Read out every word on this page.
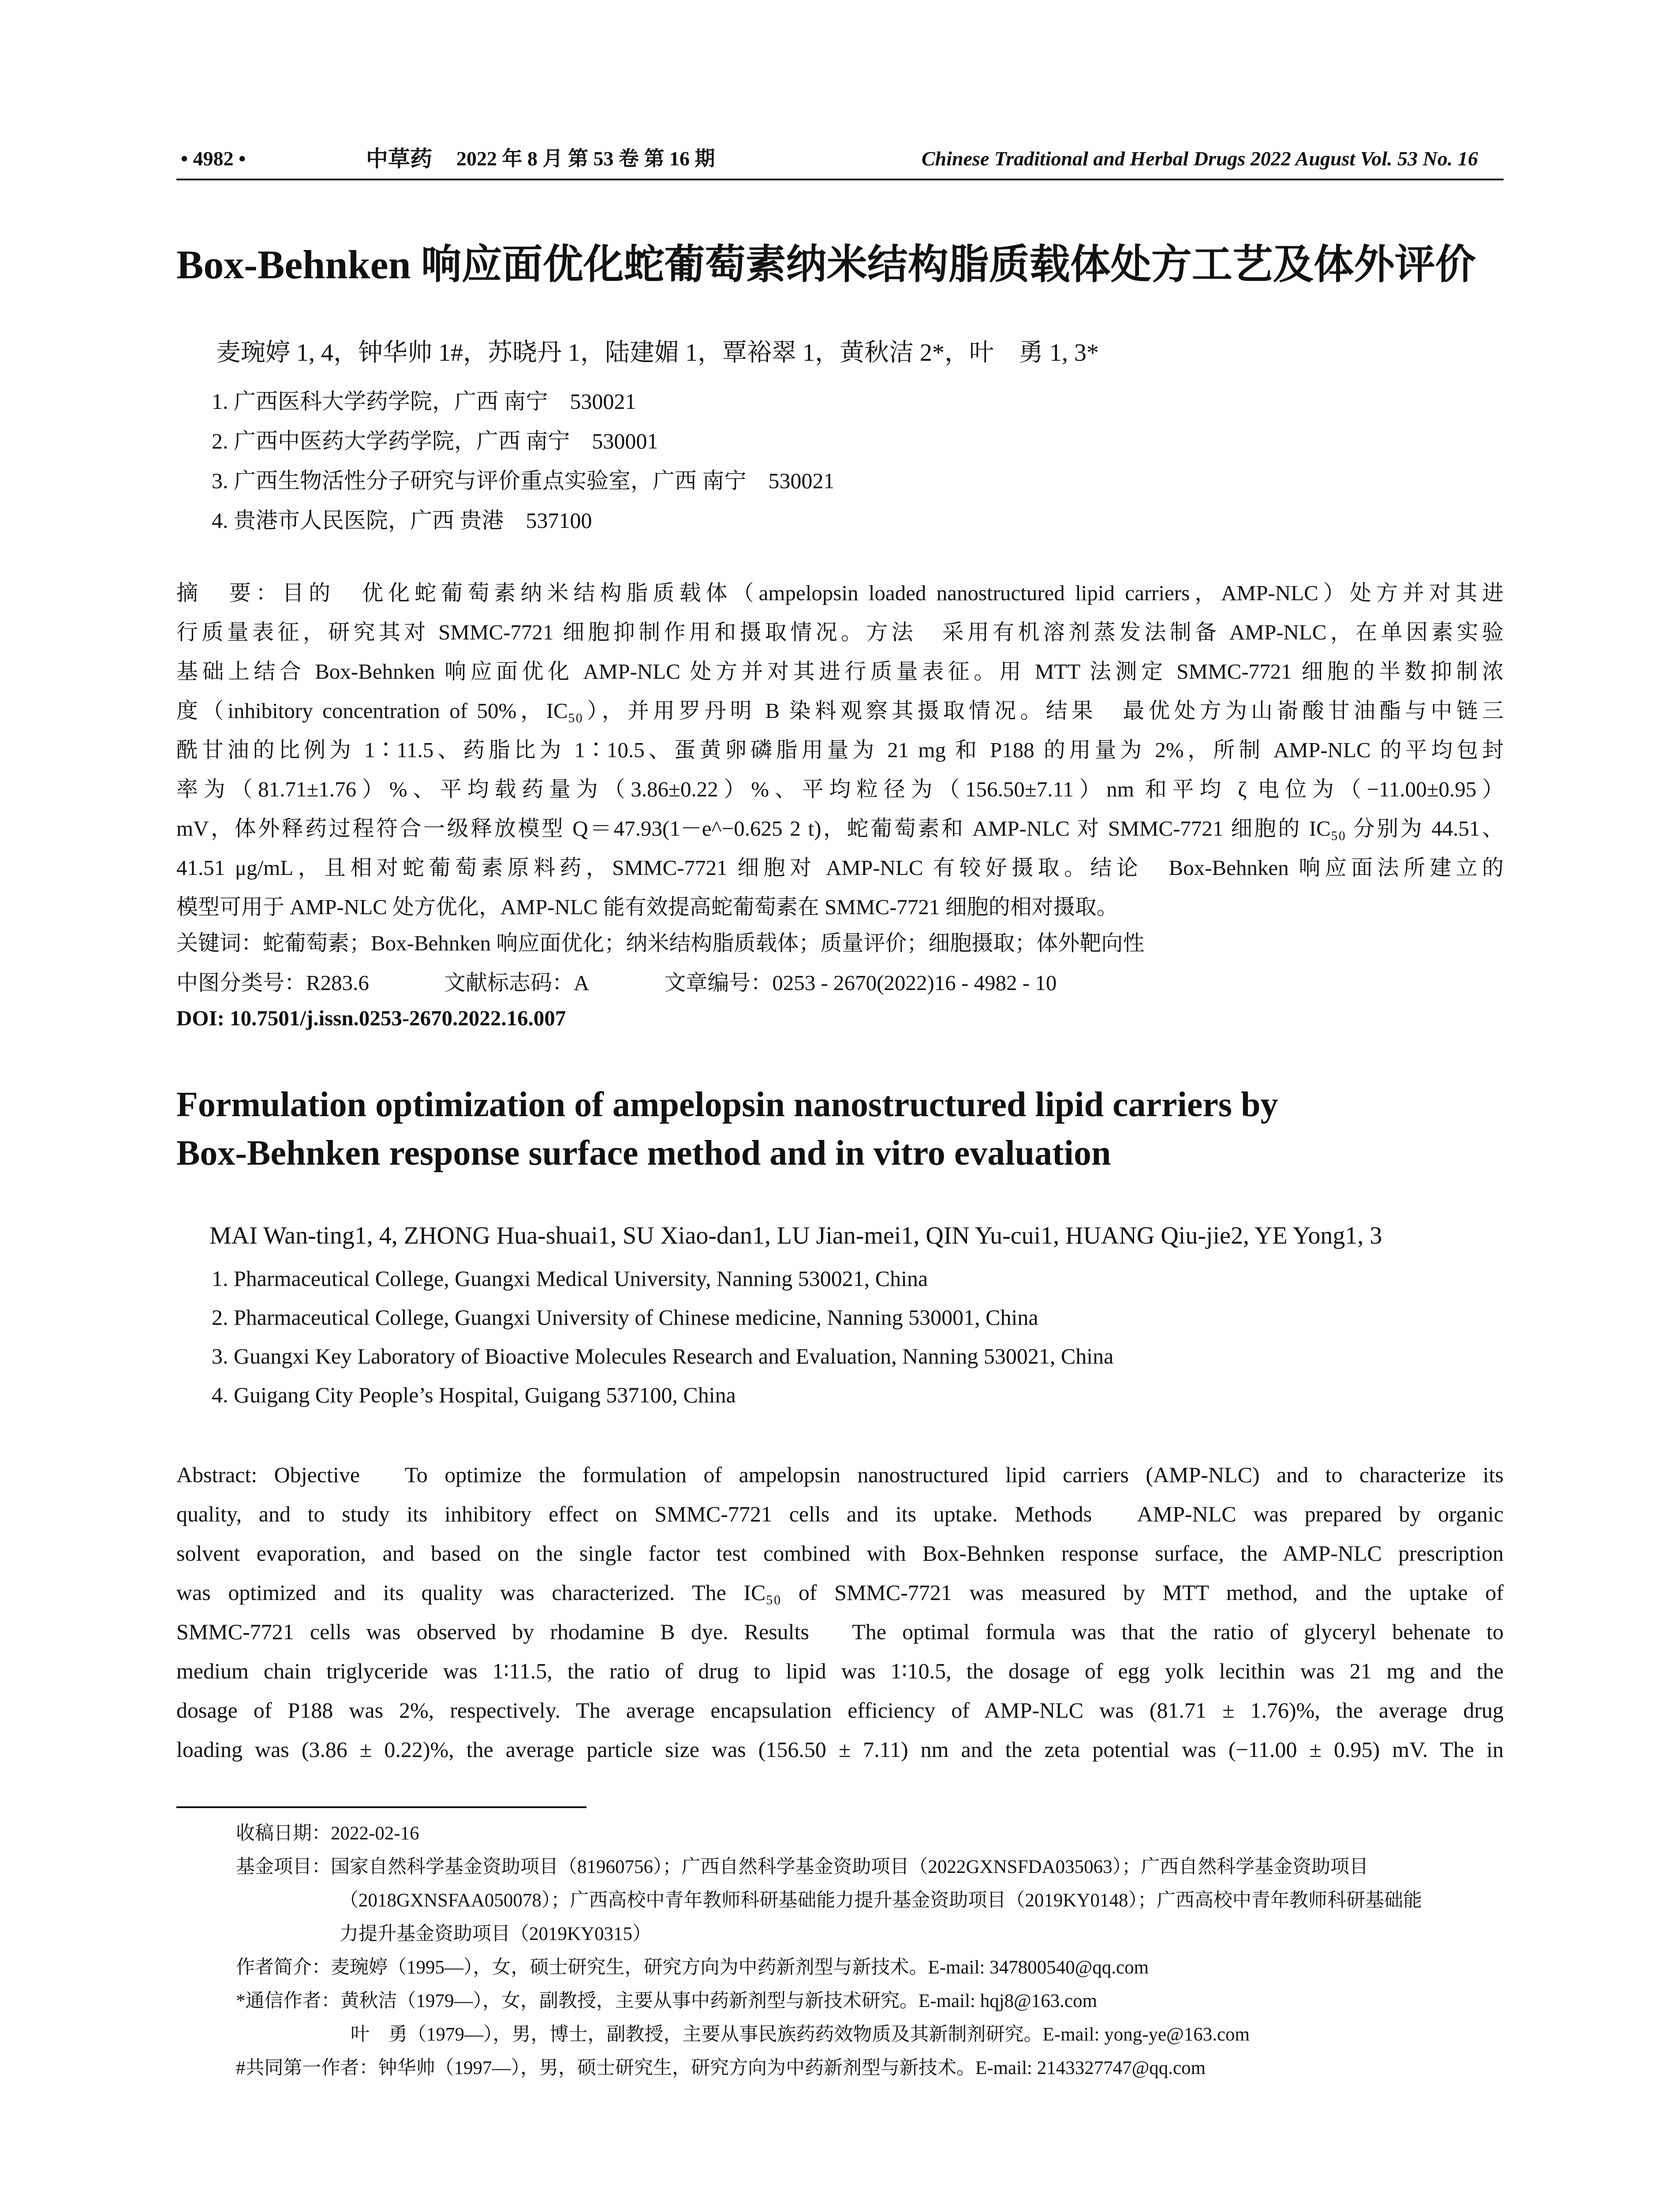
• 4982 •	中草药 2022 年 8 月 第 53 卷 第 16 期	Chinese Traditional and Herbal Drugs 2022 August Vol. 53 No. 16
Box-Behnken 响应面优化蛇葡萄素纳米结构脂质载体处方工艺及体外评价
麦琬婷 1, 4，钟华帅 1#，苏晓丹 1，陆建媚 1，覃裕翠 1，黄秋洁 2*，叶　勇 1, 3*
1. 广西医科大学药学院，广西 南宁　530021
2. 广西中医药大学药学院，广西 南宁　530001
3. 广西生物活性分子研究与评价重点实验室，广西 南宁　530021
4. 贵港市人民医院，广西 贵港　537100
摘　要：目的　优化蛇葡萄素纳米结构脂质载体（ampelopsin loaded nanostructured lipid carriers，AMP-NLC）处方并对其进
行质量表征，研究其对 SMMC-7721 细胞抑制作用和摄取情况。方法　采用有机溶剂蒸发法制备 AMP-NLC，在单因素实验
基础上结合 Box-Behnken 响应面优化 AMP-NLC 处方并对其进行质量表征。用 MTT 法测定 SMMC-7721 细胞的半数抑制浓
度（inhibitory concentration of 50%，IC₅₀），并用罗丹明 B 染料观察其摄取情况。结果　最优处方为山嵛酸甘油酯与中链三
酰甘油的比例为 1∶11.5、药脂比为 1∶10.5、蛋黄卵磷脂用量为 21 mg 和 P188 的用量为 2%，所制 AMP-NLC 的平均包封
率为（81.71±1.76）%、平均载药量为（3.86±0.22）%、平均粒径为（156.50±7.11）nm 和平均 ζ 电位为（−11.00±0.95）
mV，体外释药过程符合一级释放模型 Q＝47.93(1－e^−0.625 2 t)，蛇葡萄素和 AMP-NLC 对 SMMC-7721 细胞的 IC₅₀ 分别为 44.51、
41.51 μg/mL，且相对蛇葡萄素原料药，SMMC-7721 细胞对 AMP-NLC 有较好摄取。结论　Box-Behnken 响应面法所建立的
模型可用于 AMP-NLC 处方优化，AMP-NLC 能有效提高蛇葡萄素在 SMMC-7721 细胞的相对摄取。
关键词：蛇葡萄素；Box-Behnken 响应面优化；纳米结构脂质载体；质量评价；细胞摄取；体外靶向性
中图分类号：R283.6	文献标志码：A	文章编号：0253 - 2670(2022)16 - 4982 - 10
DOI: 10.7501/j.issn.0253-2670.2022.16.007
Formulation optimization of ampelopsin nanostructured lipid carriers by
Box-Behnken response surface method and in vitro evaluation
MAI Wan-ting1, 4, ZHONG Hua-shuai1, SU Xiao-dan1, LU Jian-mei1, QIN Yu-cui1, HUANG Qiu-jie2, YE Yong1, 3
1. Pharmaceutical College, Guangxi Medical University, Nanning 530021, China
2. Pharmaceutical College, Guangxi University of Chinese medicine, Nanning 530001, China
3. Guangxi Key Laboratory of Bioactive Molecules Research and Evaluation, Nanning 530021, China
4. Guigang City People’s Hospital, Guigang 537100, China
Abstract: Objective　To optimize the formulation of ampelopsin nanostructured lipid carriers (AMP-NLC) and to characterize its
quality, and to study its inhibitory effect on SMMC-7721 cells and its uptake. Methods　AMP-NLC was prepared by organic
solvent evaporation, and based on the single factor test combined with Box-Behnken response surface, the AMP-NLC prescription
was optimized and its quality was characterized. The IC₅₀ of SMMC-7721 was measured by MTT method, and the uptake of
SMMC-7721 cells was observed by rhodamine B dye. Results　The optimal formula was that the ratio of glyceryl behenate to
medium chain triglyceride was 1∶11.5, the ratio of drug to lipid was 1∶10.5, the dosage of egg yolk lecithin was 21 mg and the
dosage of P188 was 2%, respectively. The average encapsulation efficiency of AMP-NLC was (81.71 ± 1.76)%, the average drug
loading was (3.86 ± 0.22)%, the average particle size was (156.50 ± 7.11) nm and the zeta potential was (−11.00 ± 0.95) mV. The in
收稿日期：2022-02-16
基金项目：国家自然科学基金资助项目（81960756）；广西自然科学基金资助项目（2022GXNSFDA035063）；广西自然科学基金资助项目
（2018GXNSFAA050078）；广西高校中青年教师科研基础能力提升基金资助项目（2019KY0148）；广西高校中青年教师科研基础能
力提升基金资助项目（2019KY0315）
作者简介：麦琬婷（1995—），女，硕士研究生，研究方向为中药新剂型与新技术。E-mail: 347800540@qq.com
*通信作者：黄秋洁（1979—），女，副教授，主要从事中药新剂型与新技术研究。E-mail: hqj8@163.com
叶　勇（1979—），男，博士，副教授，主要从事民族药药效物质及其新制剂研究。E-mail: yong-ye@163.com
#共同第一作者：钟华帅（1997—），男，硕士研究生，研究方向为中药新剂型与新技术。E-mail: 2143327747@qq.com
